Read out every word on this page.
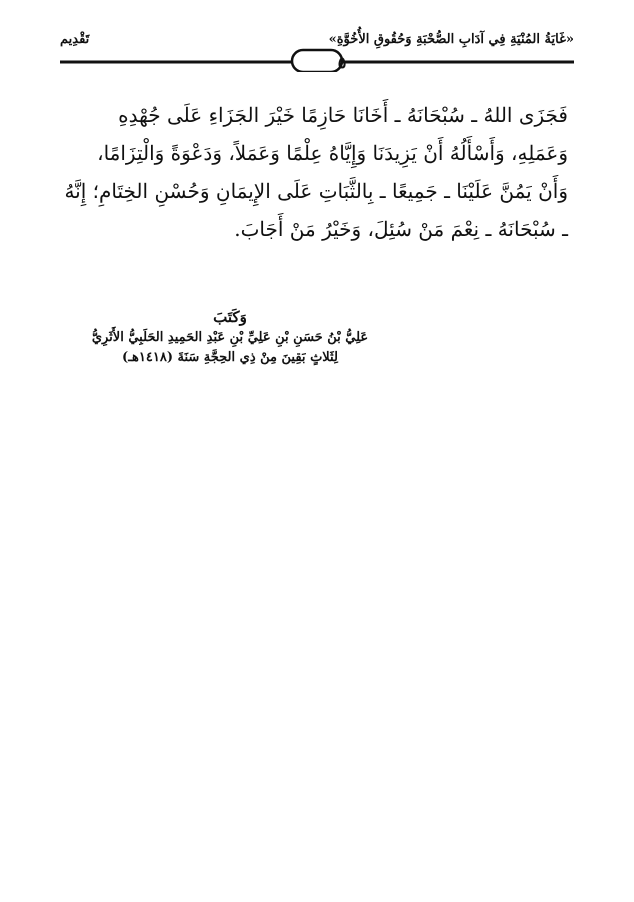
تَقْدِيم	«غَايَةُ المُنْيَةِ فِي آدَابِ الصُّحْبَةِ وَحُقُوقِ الأُخُوَّةِ»
٥
فَجَزَى اللهُ ـ سُبْحَانَهُ ـ أَخَانَا حَازِمًا خَيْرَ الجَزَاءِ عَلَى جُهْدِهِ
وَعَمَلِهِ، وَأَسْأَلُهُ أَنْ يَزِيدَنَا وَإِيَّاهُ عِلْمًا وَعَمَلاً، وَدَعْوَةً وَالْتِزَامًا،
وَأَنْ يَمُنَّ عَلَيْنَا ـ جَمِيعًا ـ بِالثَّبَاتِ عَلَى الإِيمَانِ وَحُسْنِ الخِتَامِ؛ إِنَّهُ
ـ سُبْحَانَهُ ـ نِعْمَ مَنْ سُئِلَ، وَخَيْرُ مَنْ أَجَابَ.
وَكَتَبَ
عَلِيُّ بْنُ حَسَنِ بْنِ عَلِيِّ بْنِ عَبْدِ الحَمِيدِ الحَلَبِيُّ الأَثَرِيُّ
لِثَلاثٍ بَقِينَ مِنْ ذِي الحِجَّةِ سَنَةَ (١٤١٨هـ)
